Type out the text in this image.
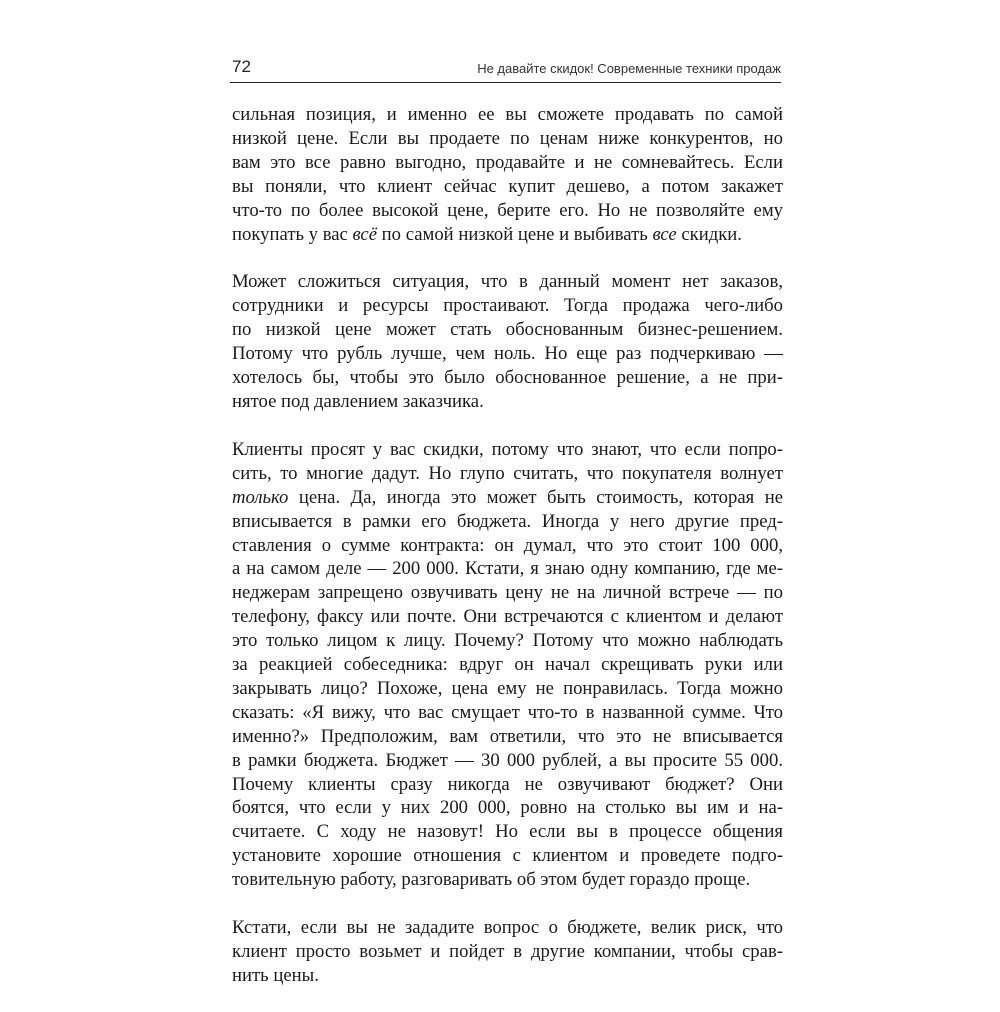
72	Не давайте скидок! Современные техники продаж
сильная позиция, и именно ее вы сможете продавать по самой
низкой цене. Если вы продаете по ценам ниже конкурентов, но
вам это все равно выгодно, продавайте и не сомневайтесь. Если
вы поняли, что клиент сейчас купит дешево, а потом закажет
что-то по более высокой цене, берите его. Но не позволяйте ему
покупать у вас всё по самой низкой цене и выбивать все скидки.
Может сложиться ситуация, что в данный момент нет заказов,
сотрудники и ресурсы простаивают. Тогда продажа чего-либо
по низкой цене может стать обоснованным бизнес-решением.
Потому что рубль лучше, чем ноль. Но еще раз подчеркиваю —
хотелось бы, чтобы это было обоснованное решение, а не при-
нятое под давлением заказчика.
Клиенты просят у вас скидки, потому что знают, что если попро-
сить, то многие дадут. Но глупо считать, что покупателя волнует
только цена. Да, иногда это может быть стоимость, которая не
вписывается в рамки его бюджета. Иногда у него другие пред-
ставления о сумме контракта: он думал, что это стоит 100 000,
а на самом деле — 200 000. Кстати, я знаю одну компанию, где ме-
неджерам запрещено озвучивать цену не на личной встрече — по
телефону, факсу или почте. Они встречаются с клиентом и делают
это только лицом к лицу. Почему? Потому что можно наблюдать
за реакцией собеседника: вдруг он начал скрещивать руки или
закрывать лицо? Похоже, цена ему не понравилась. Тогда можно
сказать: «Я вижу, что вас смущает что-то в названной сумме. Что
именно?» Предположим, вам ответили, что это не вписывается
в рамки бюджета. Бюджет — 30 000 рублей, а вы просите 55 000.
Почему клиенты сразу никогда не озвучивают бюджет? Они
боятся, что если у них 200 000, ровно на столько вы им и на-
считаете. С ходу не назовут! Но если вы в процессе общения
установите хорошие отношения с клиентом и проведете подго-
товительную работу, разговаривать об этом будет гораздо проще.
Кстати, если вы не зададите вопрос о бюджете, велик риск, что
клиент просто возьмет и пойдет в другие компании, чтобы срав-
нить цены.
